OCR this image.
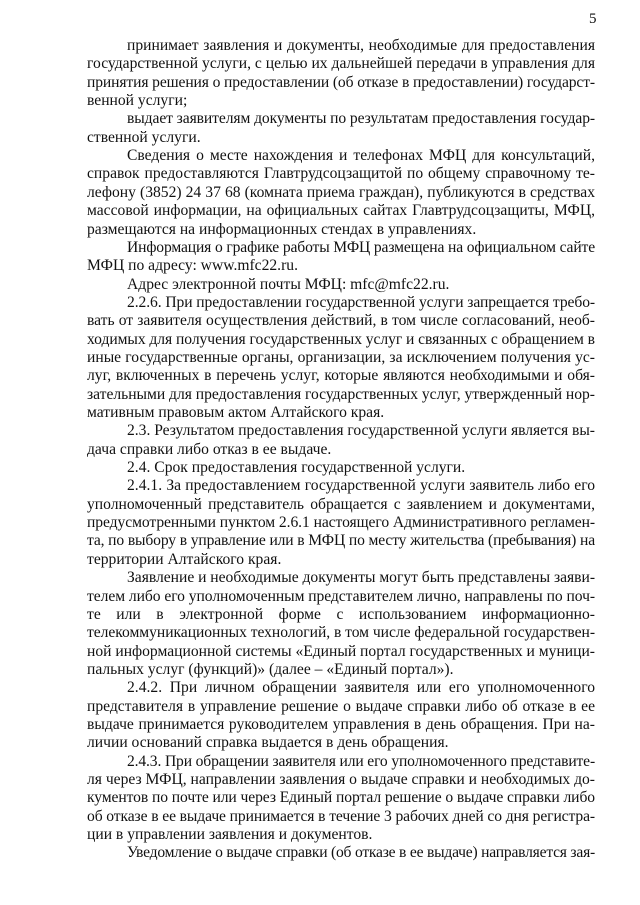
5
принимает заявления и документы, необходимые для предоставления
государственной услуги, с целью их дальнейшей передачи в управления для
принятия решения о предоставлении (об отказе в предоставлении) государст-
венной услуги;
выдает заявителям документы по результатам предоставления государ-
ственной услуги.
Сведения о месте нахождения и телефонах МФЦ для консультаций,
справок предоставляются Главтрудсоцзащитой по общему справочному те-
лефону (3852) 24 37 68 (комната приема граждан), публикуются в средствах
массовой информации, на официальных сайтах Главтрудсоцзащиты, МФЦ,
размещаются на информационных стендах в управлениях.
Информация о графике работы МФЦ размещена на официальном сайте
МФЦ по адресу: www.mfc22.ru.
Адрес электронной почты МФЦ: mfc@mfc22.ru.
2.2.6. При предоставлении государственной услуги запрещается требо-
вать от заявителя осуществления действий, в том числе согласований, необ-
ходимых для получения государственных услуг и связанных с обращением в
иные государственные органы, организации, за исключением получения ус-
луг, включенных в перечень услуг, которые являются необходимыми и обя-
зательными для предоставления государственных услуг, утвержденный нор-
мативным правовым актом Алтайского края.
2.3. Результатом предоставления государственной услуги является вы-
дача справки либо отказ в ее выдаче.
2.4. Срок предоставления государственной услуги.
2.4.1. За предоставлением государственной услуги заявитель либо его
уполномоченный представитель обращается с заявлением и документами,
предусмотренными пунктом 2.6.1 настоящего Административного регламен-
та, по выбору в управление или в МФЦ по месту жительства (пребывания) на
территории Алтайского края.
Заявление и необходимые документы могут быть представлены заяви-
телем либо его уполномоченным представителем лично, направлены по поч-
те или в электронной форме с использованием информационно-
телекоммуникационных технологий, в том числе федеральной государствен-
ной информационной системы «Единый портал государственных и муници-
пальных услуг (функций)» (далее – «Единый портал»).
2.4.2. При личном обращении заявителя или его уполномоченного
представителя в управление решение о выдаче справки либо об отказе в ее
выдаче принимается руководителем управления в день обращения. При на-
личии оснований справка выдается в день обращения.
2.4.3. При обращении заявителя или его уполномоченного представите-
ля через МФЦ, направлении заявления о выдаче справки и необходимых до-
кументов по почте или через Единый портал решение о выдаче справки либо
об отказе в ее выдаче принимается в течение 3 рабочих дней со дня регистра-
ции в управлении заявления и документов.
Уведомление о выдаче справки (об отказе в ее выдаче) направляется зая-
